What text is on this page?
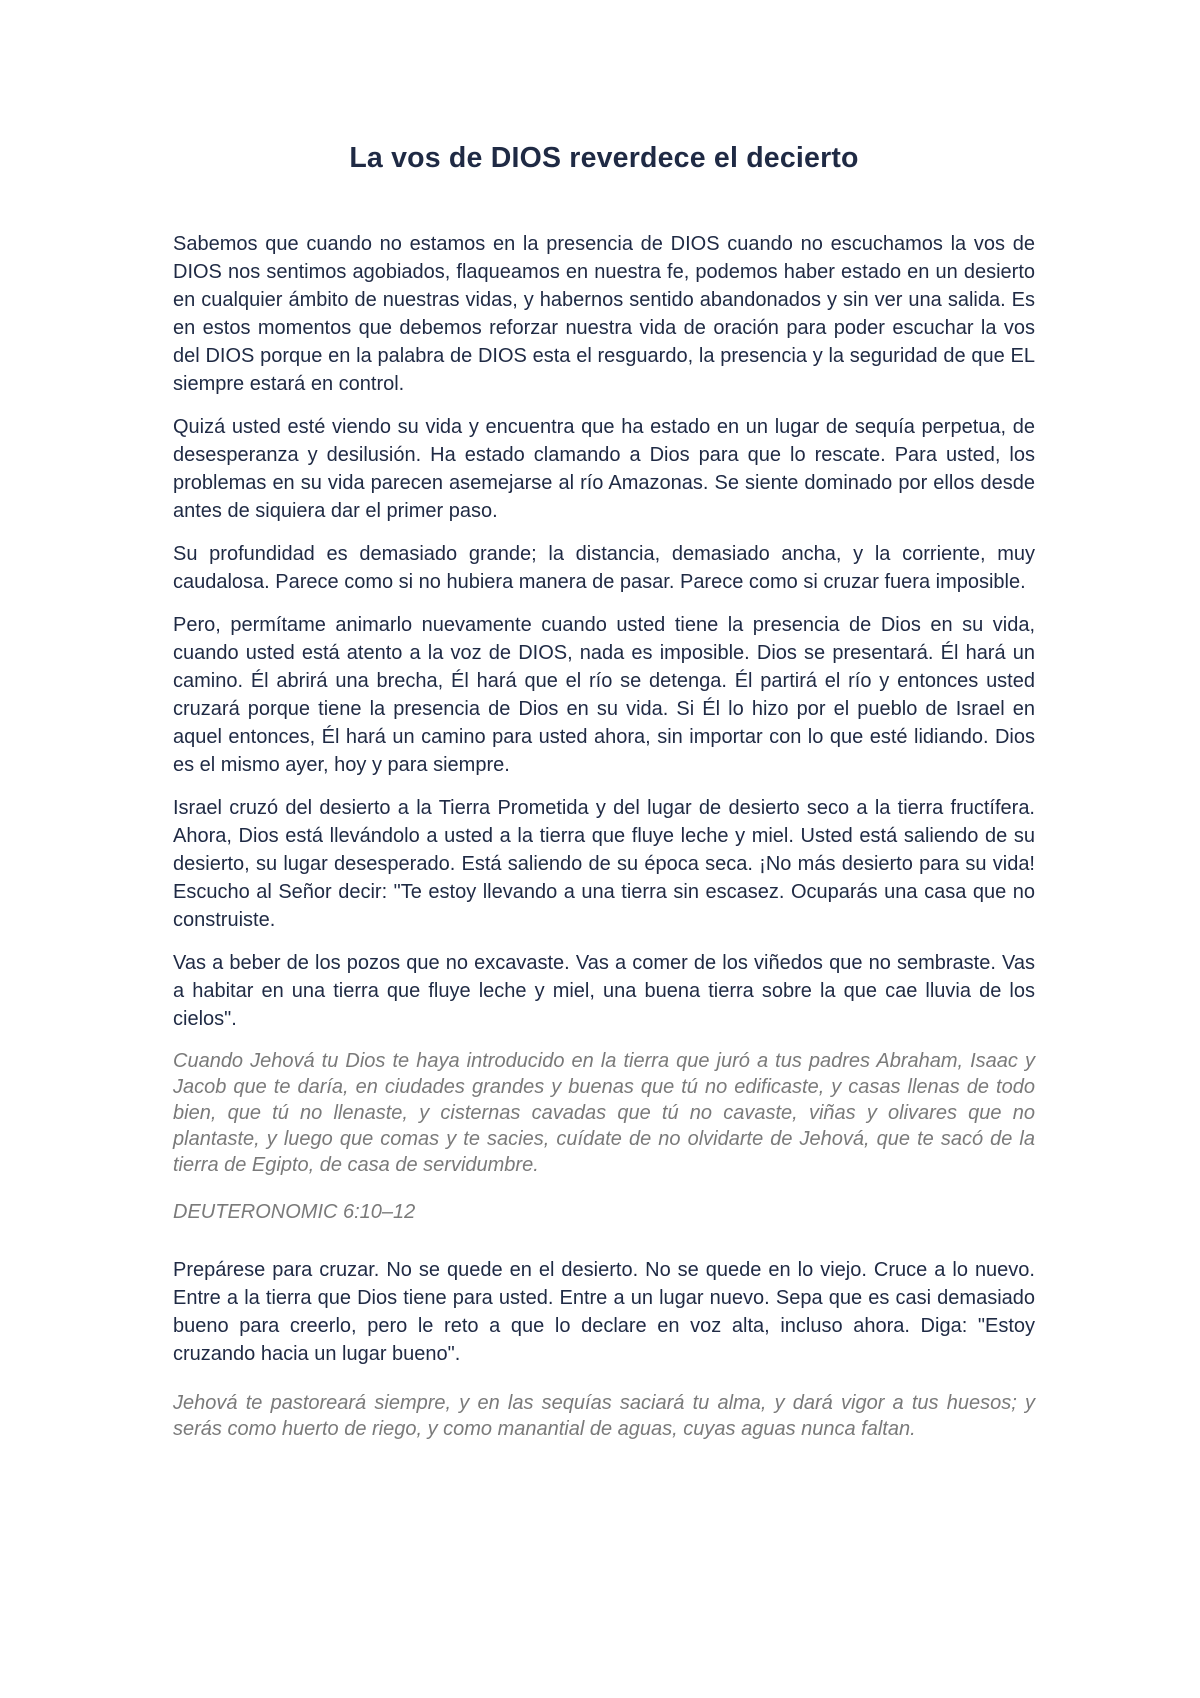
La vos de DIOS reverdece el decierto

Sabemos que cuando no estamos en la presencia de DIOS cuando no escuchamos la vos de DIOS nos sentimos agobiados, flaqueamos en nuestra fe, podemos haber estado en un desierto en cualquier ámbito de nuestras vidas, y habernos sentido abandonados y sin ver una salida. Es en estos momentos que debemos reforzar nuestra vida de oración para poder escuchar la vos del DIOS porque en la palabra de DIOS esta el resguardo, la presencia y la seguridad de que EL siempre estará en control.

Quizá usted esté viendo su vida y encuentra que ha estado en un lugar de sequía perpetua, de desesperanza y desilusión. Ha estado clamando a Dios para que lo rescate. Para usted, los problemas en su vida parecen asemejarse al río Amazonas. Se siente dominado por ellos desde antes de siquiera dar el primer paso.

Su profundidad es demasiado grande; la distancia, demasiado ancha, y la corriente, muy caudalosa. Parece como si no hubiera manera de pasar. Parece como si cruzar fuera imposible.

Pero, permítame animarlo nuevamente cuando usted tiene la presencia de Dios en su vida, cuando usted está atento a la voz de DIOS, nada es imposible. Dios se presentará. Él hará un camino. Él abrirá una brecha, Él hará que el río se detenga. Él partirá el río y entonces usted cruzará porque tiene la presencia de Dios en su vida. Si Él lo hizo por el pueblo de Israel en aquel entonces, Él hará un camino para usted ahora, sin importar con lo que esté lidiando. Dios es el mismo ayer, hoy y para siempre.

Israel cruzó del desierto a la Tierra Prometida y del lugar de desierto seco a la tierra fructífera. Ahora, Dios está llevándolo a usted a la tierra que fluye leche y miel. Usted está saliendo de su desierto, su lugar desesperado. Está saliendo de su época seca. ¡No más desierto para su vida! Escucho al Señor decir: "Te estoy llevando a una tierra sin escasez. Ocuparás una casa que no construiste.

Vas a beber de los pozos que no excavaste. Vas a comer de los viñedos que no sembraste. Vas a habitar en una tierra que fluye leche y miel, una buena tierra sobre la que cae lluvia de los cielos".

Cuando Jehová tu Dios te haya introducido en la tierra que juró a tus padres Abraham, Isaac y Jacob que te daría, en ciudades grandes y buenas que tú no edificaste, y casas llenas de todo bien, que tú no llenaste, y cisternas cavadas que tú no cavaste, viñas y olivares que no plantaste, y luego que comas y te sacies, cuídate de no olvidarte de Jehová, que te sacó de la tierra de Egipto, de casa de servidumbre.

DEUTERONOMIC 6:10–12

Prepárese para cruzar. No se quede en el desierto. No se quede en lo viejo. Cruce a lo nuevo. Entre a la tierra que Dios tiene para usted. Entre a un lugar nuevo. Sepa que es casi demasiado bueno para creerlo, pero le reto a que lo declare en voz alta, incluso ahora. Diga: "Estoy cruzando hacia un lugar bueno".

Jehová te pastoreará siempre, y en las sequías saciará tu alma, y dará vigor a tus huesos; y serás como huerto de riego, y como manantial de aguas, cuyas aguas nunca faltan.
